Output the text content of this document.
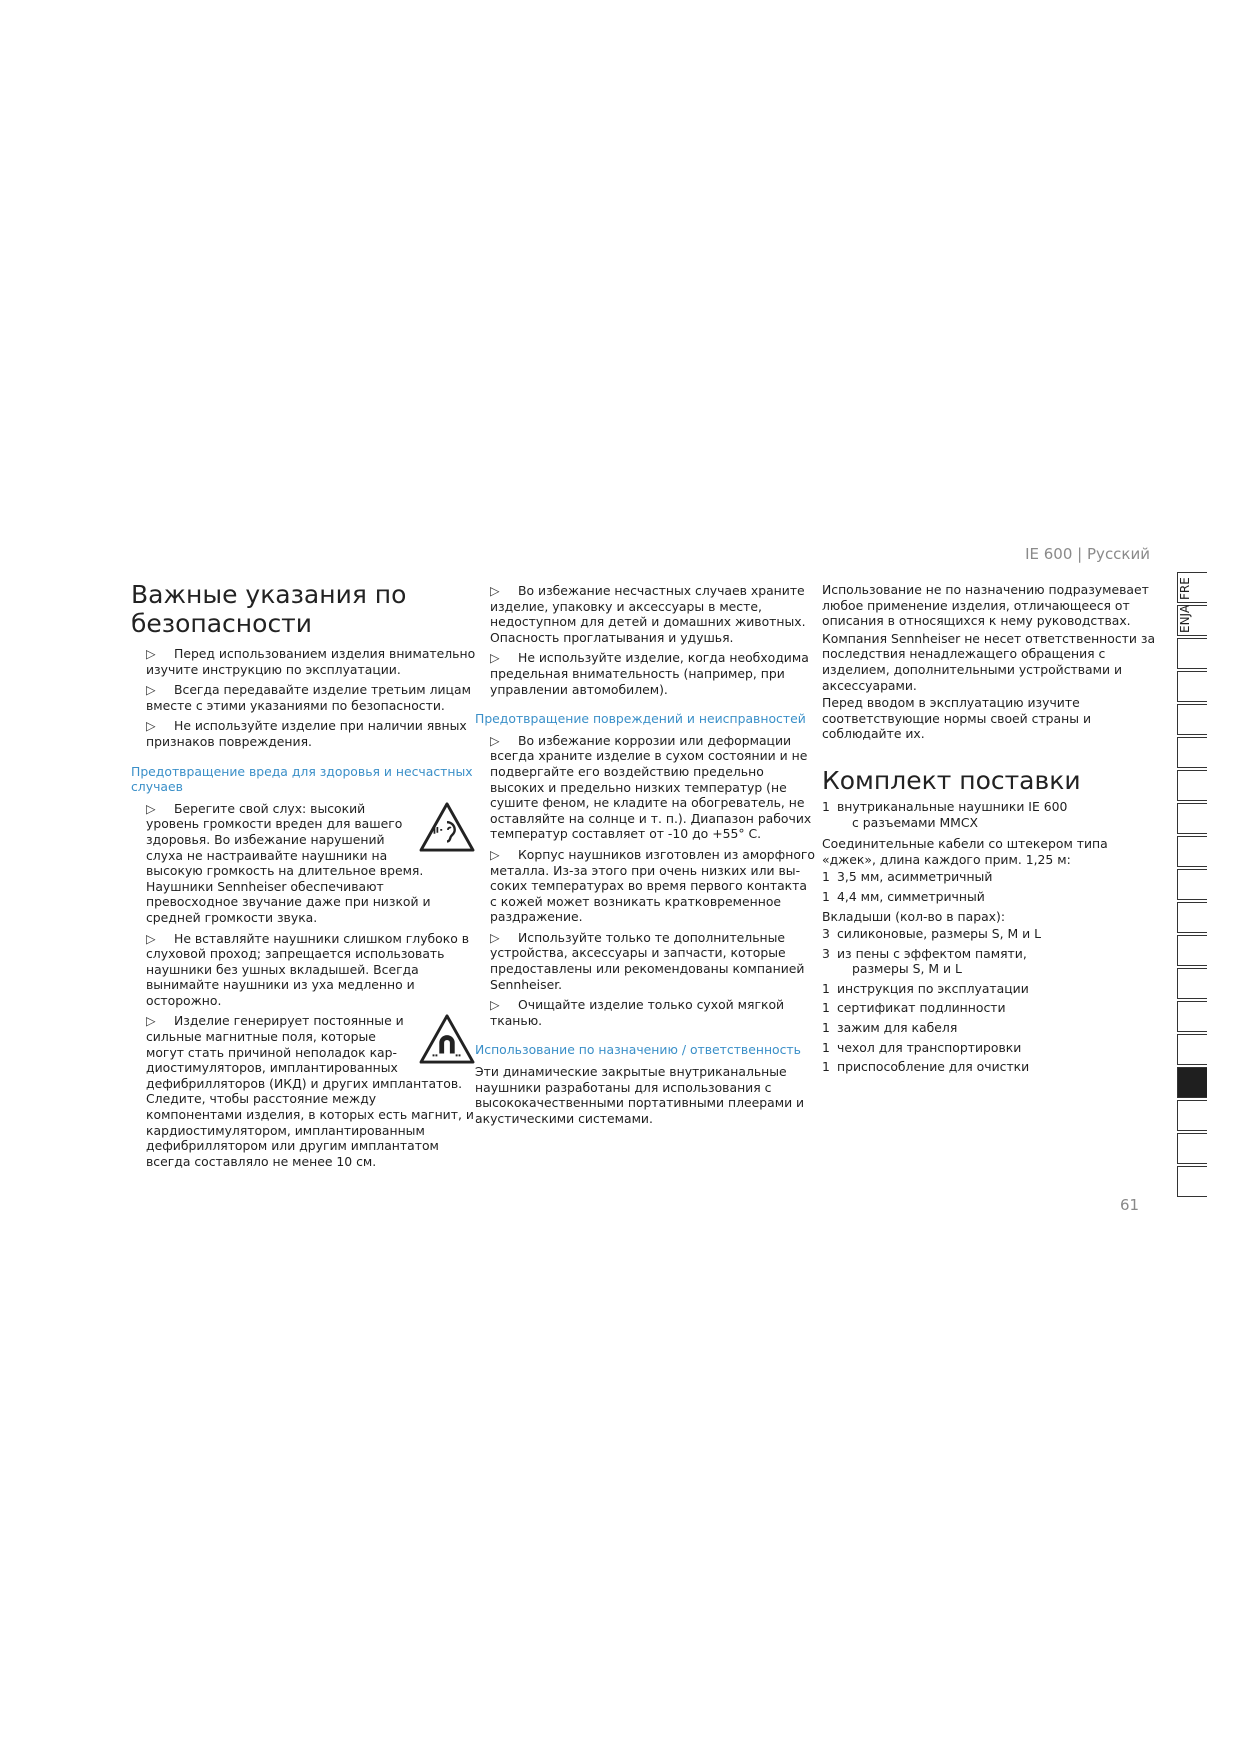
IE 600 | Русский
Важные указания по безопасности
▷ Перед использованием изделия внимательно изучите инструкцию по эксплуатации.
▷ Всегда передавайте изделие третьим лицам вместе с этими указаниями по безопасности.
▷ Не используйте изделие при наличии явных признаков повреждения.
Предотвращение вреда для здоровья и несчастных случаев
▷ Берегите свой слух: высокий уровень громкости вреден для вашего здоровья. Во избежание нарушений слуха не настраивайте наушники на высокую громкость на длительное время. Наушники Sennheiser обеспечивают превосходное звучание даже при низкой и средней громкости звука.
▷ Не вставляйте наушники слишком глубоко в слуховой проход; запрещается использовать наушники без ушных вкладышей. Всегда вынимайте наушники из уха медленно и осторожно.
▷ Изделие генерирует постоянные и сильные магнитные поля, которые могут стать причиной неполадок кардиостимуляторов, имплантированных дефибрилляторов (ИКД) и других имплантатов. Следите, чтобы расстояние между компонентами изделия, в которых есть магнит, и кардиостимулятором, имплантированным дефибриллятором или другим имплантатом всегда составляло не менее 10 см.
▷ Во избежание несчастных случаев храните изделие, упаковку и аксессуары в месте, недоступном для детей и домашних животных. Опасность проглатывания и удушья.
▷ Не используйте изделие, когда необходима предельная внимательность (например, при управлении автомобилем).
Предотвращение повреждений и неисправностей
▷ Во избежание коррозии или деформации всегда храните изделие в сухом состоянии и не подвергайте его воздействию предельно высоких и предельно низких температур (не сушите феном, не кладите на обогреватель, не оставляйте на солнце и т. п.). Диапазон рабочих температур составляет от -10 до +55° C.
▷ Корпус наушников изготовлен из аморфного металла. Из-за этого при очень низких или высоких температурах во время первого контакта с кожей может возникать кратковременное раздражение.
▷ Используйте только те дополнительные устройства, аксессуары и запчасти, которые предоставлены или рекомендованы компанией Sennheiser.
▷ Очищайте изделие только сухой мягкой тканью.
Использование по назначению / ответственность
Эти динамические закрытые внутриканальные наушники разработаны для использования с высококачественными портативными плеерами и акустическими системами.
Использование не по назначению подразумевает любое применение изделия, отличающееся от описания в относящихся к нему руководствах.
Компания Sennheiser не несет ответственности за последствия ненадлежащего обращения с изделием, дополнительными устройствами и аксессуарами.
Перед вводом в эксплуатацию изучите соответствующие нормы своей страны и соблюдайте их.
Комплект поставки
1 внутриканальные наушники IE 600
с разъемами MMCX
Соединительные кабели со штекером типа «джек», длина каждого прим. 1,25 м:
1 3,5 мм, асимметричный
1 4,4 мм, симметричный
Вкладыши (кол-во в парах):
3 силиконовые, размеры S, M и L
3 из пены с эффектом памяти,
размеры S, M и L
1 инструкция по эксплуатации
1 сертификат подлинности
1 зажим для кабеля
1 чехол для транспортировки
1 приспособление для очистки
FRE
ENJA
61
